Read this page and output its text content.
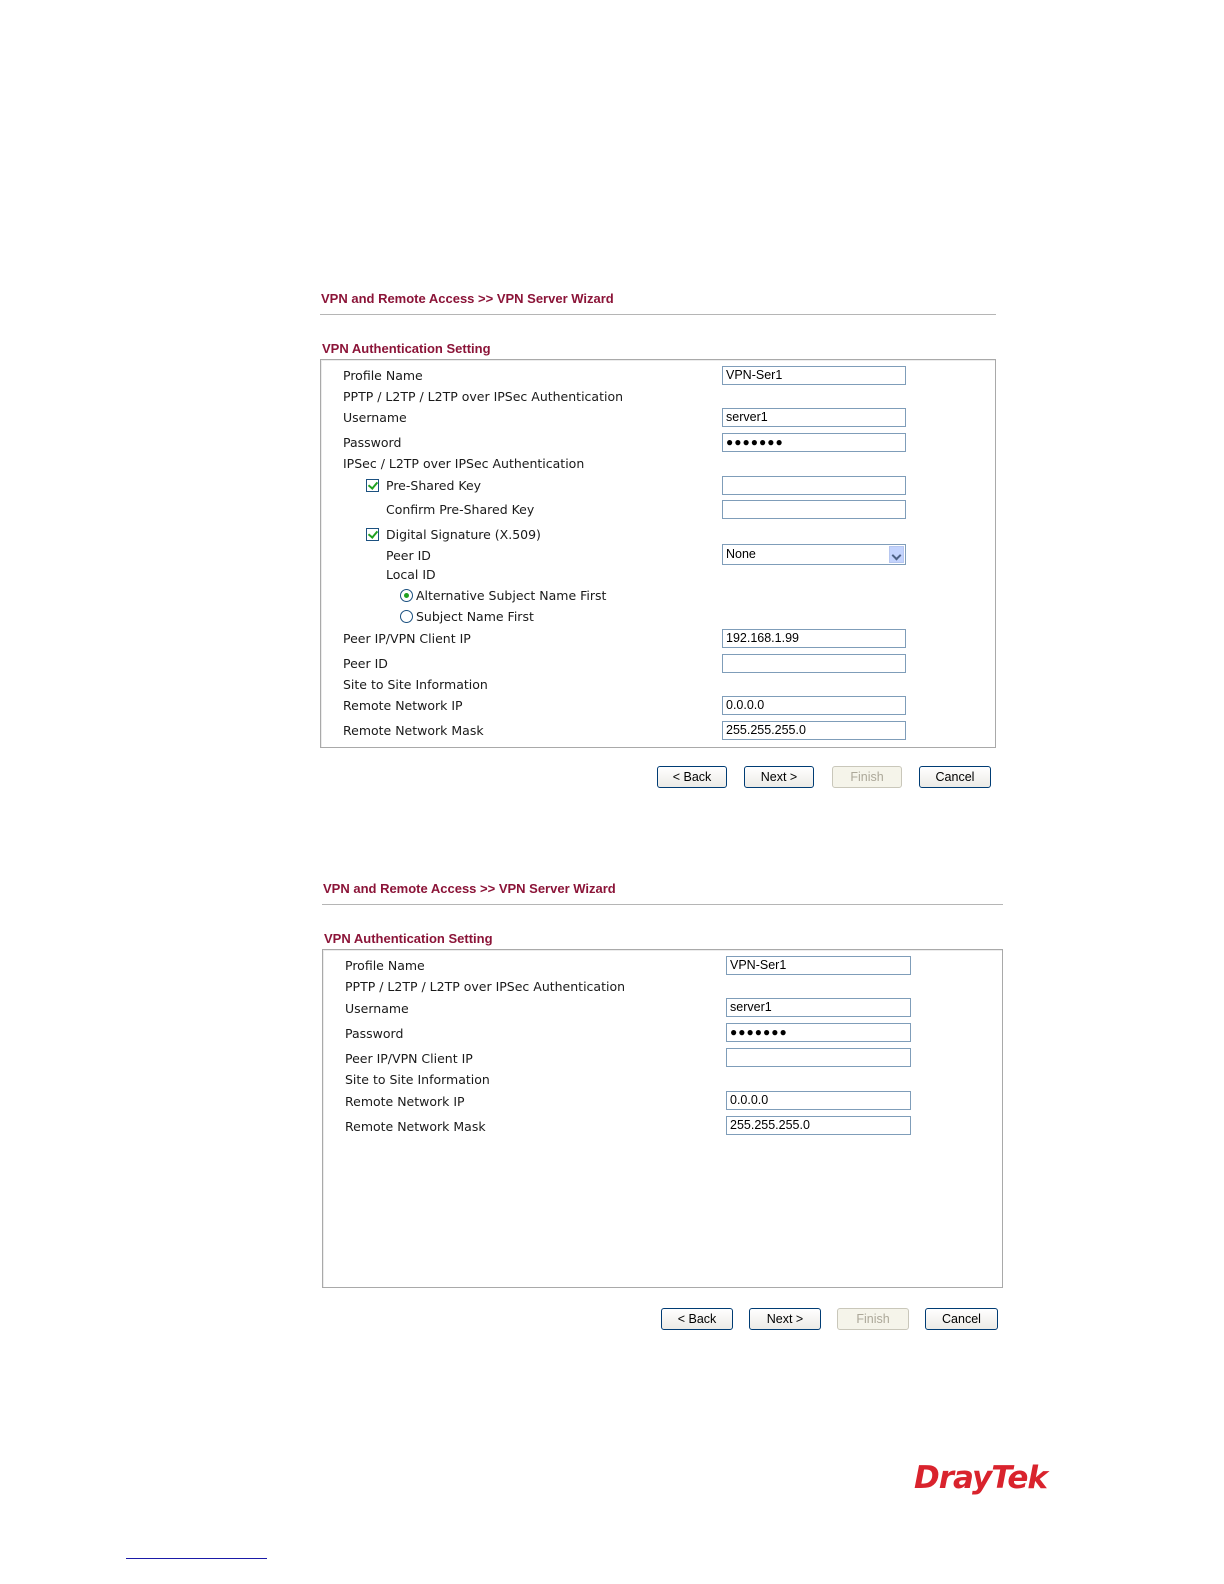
VPN and Remote Access >> VPN Server Wizard
VPN Authentication Setting
Profile Name	VPN-Ser1
PPTP / L2TP / L2TP over IPSec Authentication
Username	server1
Password	●●●●●●●
IPSec / L2TP over IPSec Authentication
Pre-Shared Key
Confirm Pre-Shared Key
Digital Signature (X.509)
Peer ID	None
Local ID
Alternative Subject Name First
Subject Name First
Peer IP/VPN Client IP	192.168.1.99
Peer ID
Site to Site Information
Remote Network IP	0.0.0.0
Remote Network Mask	255.255.255.0
< Back	Next >	Finish	Cancel
VPN and Remote Access >> VPN Server Wizard
VPN Authentication Setting
Profile Name	VPN-Ser1
PPTP / L2TP / L2TP over IPSec Authentication
Username	server1
Password	●●●●●●●
Peer IP/VPN Client IP
Site to Site Information
Remote Network IP	0.0.0.0
Remote Network Mask	255.255.255.0
< Back	Next >	Finish	Cancel
DrayTek
